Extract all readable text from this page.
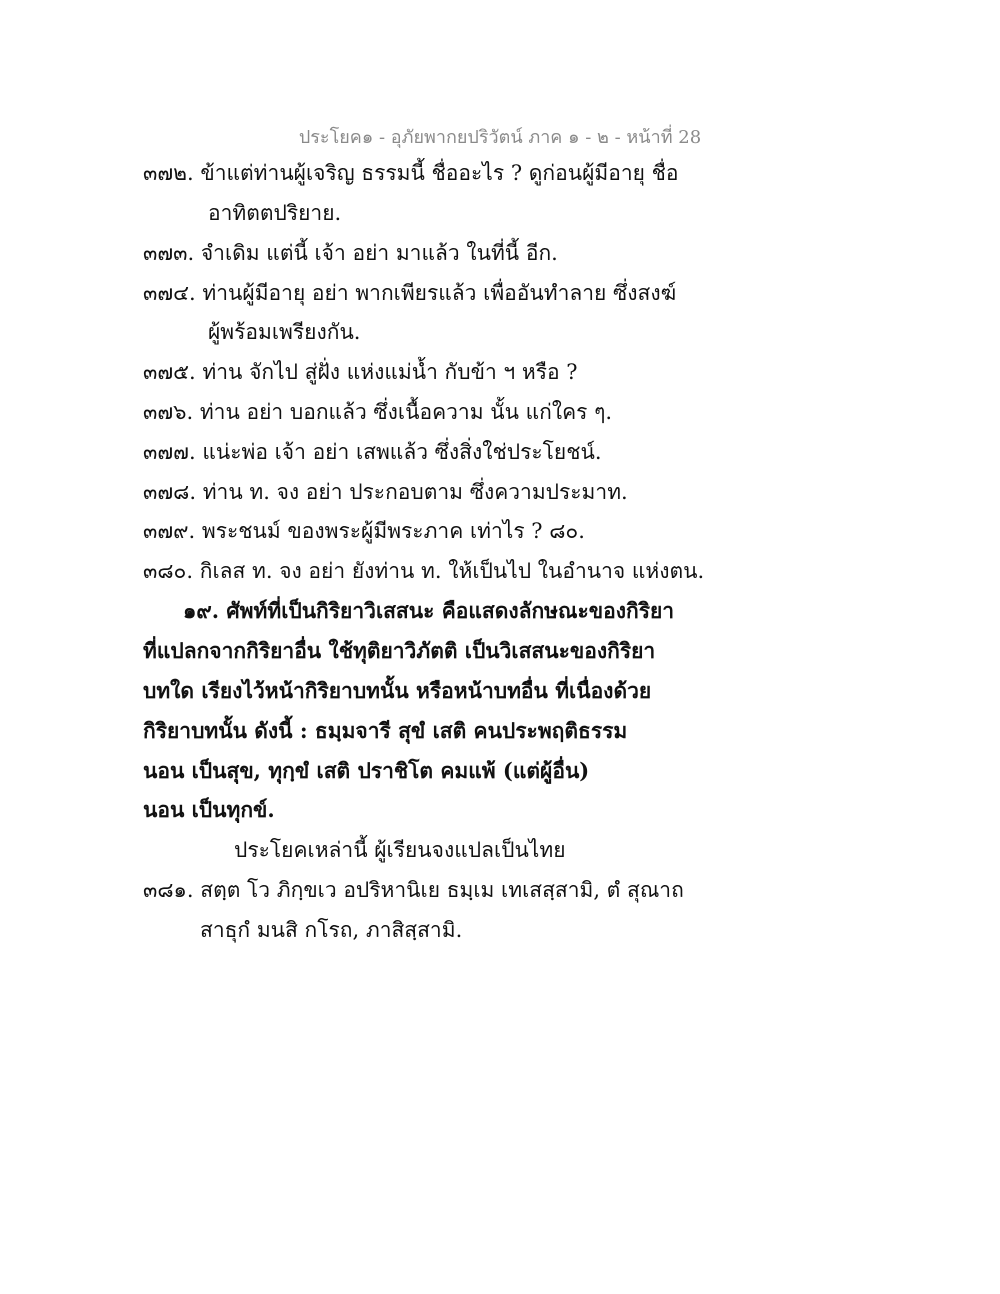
ประโยค๑ - อุภัยพากยปริวัตน์ ภาค ๑ - ๒ - หน้าที่ 28
๓๗๒. ข้าแต่ท่านผู้เจริญ ธรรมนี้ ชื่ออะไร ? ดูก่อนผู้มีอายุ ชื่อ
อาทิตตปริยาย.
๓๗๓. จำเดิม แต่นี้ เจ้า อย่า มาแล้ว ในที่นี้ อีก.
๓๗๔. ท่านผู้มีอายุ อย่า พากเพียรแล้ว เพื่ออันทำลาย ซึ่งสงฆ์
ผู้พร้อมเพรียงกัน.
๓๗๕. ท่าน จักไป สู่ฝั่ง แห่งแม่น้ำ กับข้า ฯ หรือ ?
๓๗๖. ท่าน อย่า บอกแล้ว ซึ่งเนื้อความ นั้น แก่ใคร ๆ.
๓๗๗. แน่ะพ่อ เจ้า อย่า เสพแล้ว ซึ่งสิ่งใช่ประโยชน์.
๓๗๘. ท่าน ท. จง อย่า ประกอบตาม ซึ่งความประมาท.
๓๗๙. พระชนม์ ของพระผู้มีพระภาค เท่าไร ? ๘๐.
๓๘๐. กิเลส ท. จง อย่า ยังท่าน ท. ให้เป็นไป ในอำนาจ แห่งตน.
๑๙. ศัพท์ที่เป็นกิริยาวิเสสนะ คือแสดงลักษณะของกิริยา
ที่แปลกจากกิริยาอื่น ใช้ทุติยาวิภัตติ เป็นวิเสสนะของกิริยา
บทใด เรียงไว้หน้ากิริยาบทนั้น หรือหน้าบทอื่น ที่เนื่องด้วย
กิริยาบทนั้น ดังนี้ : ธมฺมจารี สุขํ เสติ คนประพฤติธรรม
นอน เป็นสุข, ทุกฺขํ เสติ ปราชิโต คมแพ้ (แต่ผู้อื่น)
นอน เป็นทุกข์.
ประโยคเหล่านี้ ผู้เรียนจงแปลเป็นไทย
๓๘๑. สตฺต โว ภิกฺขเว อปริหานิเย ธมฺเม เทเสสฺสามิ, ตํ สุณาถ
สาธุกํ มนสิ กโรถ, ภาสิสฺสามิ.
